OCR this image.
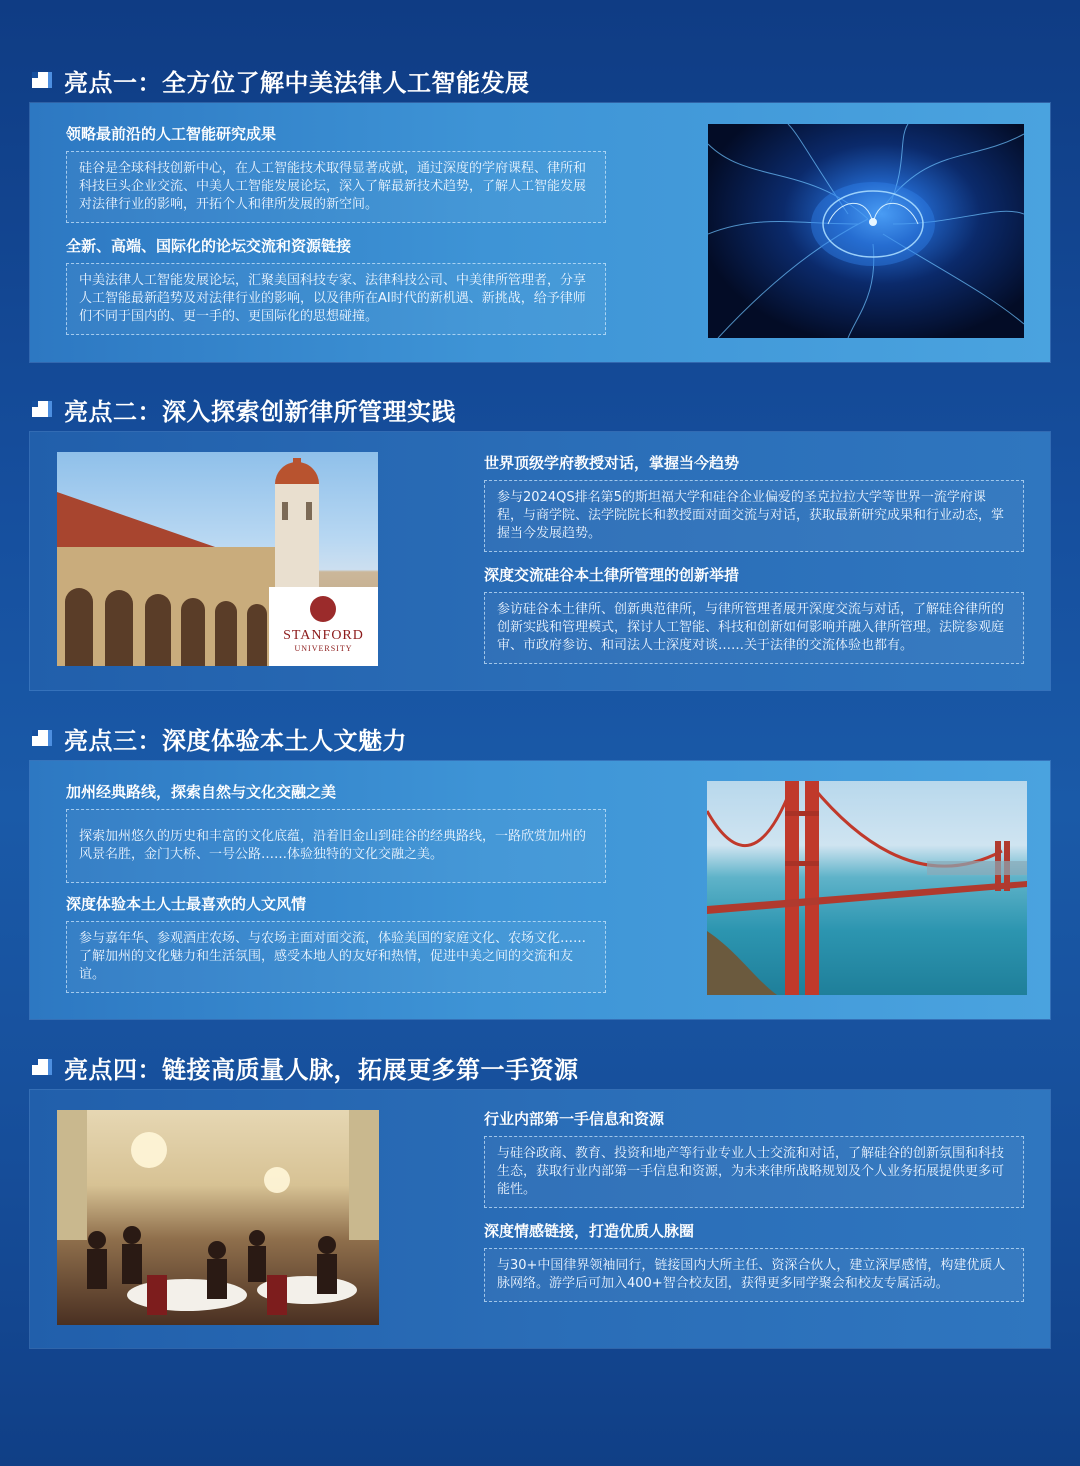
亮点一：全方位了解中美法律人工智能发展
领略最前沿的人工智能研究成果
硅谷是全球科技创新中心，在人工智能技术取得显著成就，通过深度的学府课程、律所和科技巨头企业交流、中美人工智能发展论坛，深入了解最新技术趋势，了解人工智能发展对法律行业的影响，开拓个人和律所发展的新空间。
全新、高端、国际化的论坛交流和资源链接
中美法律人工智能发展论坛，汇聚美国科技专家、法律科技公司、中美律所管理者，分享人工智能最新趋势及对法律行业的影响，以及律所在AI时代的新机遇、新挑战，给予律师们不同于国内的、更一手的、更国际化的思想碰撞。
亮点二：深入探索创新律所管理实践
STANFORD
UNIVERSITY
世界顶级学府教授对话，掌握当今趋势
参与2024QS排名第5的斯坦福大学和硅谷企业偏爱的圣克拉拉大学等世界一流学府课程，与商学院、法学院院长和教授面对面交流与对话，获取最新研究成果和行业动态，掌握当今发展趋势。
深度交流硅谷本土律所管理的创新举措
参访硅谷本土律所、创新典范律所，与律所管理者展开深度交流与对话，了解硅谷律所的创新实践和管理模式，探讨人工智能、科技和创新如何影响并融入律所管理。法院参观庭审、市政府参访、和司法人士深度对谈……关于法律的交流体验也都有。
亮点三：深度体验本土人文魅力
加州经典路线，探索自然与文化交融之美
探索加州悠久的历史和丰富的文化底蕴，沿着旧金山到硅谷的经典路线，一路欣赏加州的风景名胜，金门大桥、一号公路……体验独特的文化交融之美。
深度体验本土人士最喜欢的人文风情
参与嘉年华、参观酒庄农场、与农场主面对面交流，体验美国的家庭文化、农场文化……了解加州的文化魅力和生活氛围，感受本地人的友好和热情，促进中美之间的交流和友谊。
亮点四：链接高质量人脉，拓展更多第一手资源
行业内部第一手信息和资源
与硅谷政商、教育、投资和地产等行业专业人士交流和对话，了解硅谷的创新氛围和科技生态，获取行业内部第一手信息和资源，为未来律所战略规划及个人业务拓展提供更多可能性。
深度情感链接，打造优质人脉圈
与30+中国律界领袖同行，链接国内大所主任、资深合伙人，建立深厚感情，构建优质人脉网络。游学后可加入400+智合校友团，获得更多同学聚会和校友专属活动。
